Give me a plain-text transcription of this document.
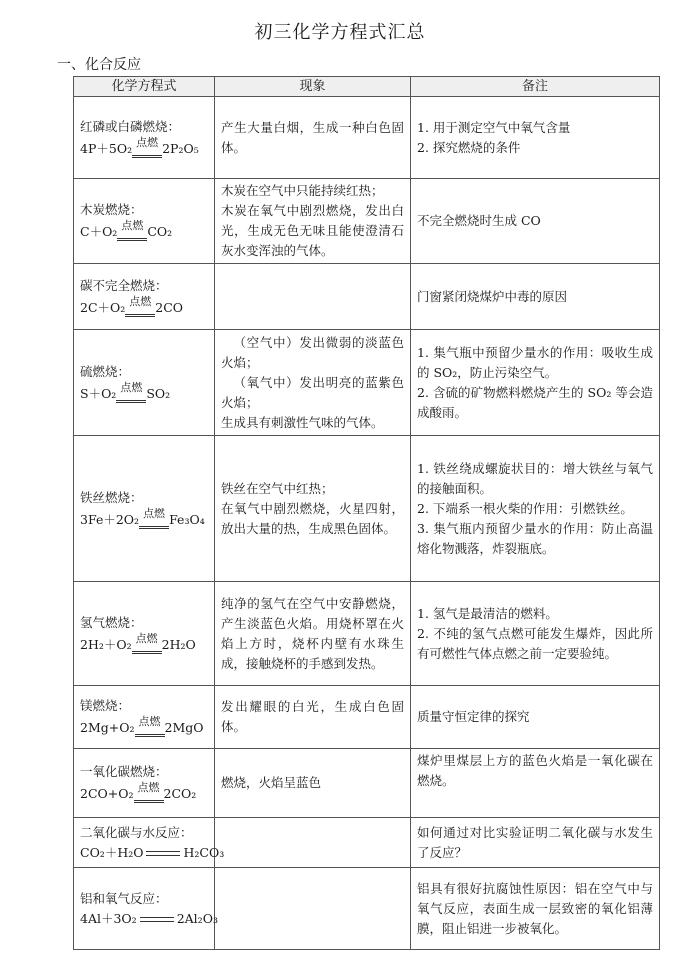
初三化学方程式汇总
一、化合反应
化学方程式	现象	备注

红磷或白磷燃烧：
4P＋5O₂ 点燃 2P₂O₅	产生大量白烟，生成一种白色固体。	1. 用于测定空气中氧气含量
2. 探究燃烧的条件

木炭燃烧：
C＋O₂ 点燃 CO₂	木炭在空气中只能持续红热；
木炭在氧气中剧烈燃烧，发出白光，生成无色无味且能使澄清石灰水变浑浊的气体。	不完全燃烧时生成 CO

碳不完全燃烧：
2C＋O₂ 点燃 2CO		门窗紧闭烧煤炉中毒的原因

硫燃烧：
S＋O₂ 点燃 SO₂	（空气中）发出微弱的淡蓝色火焰；
（氧气中）发出明亮的蓝紫色火焰；
生成具有刺激性气味的气体。	1. 集气瓶中预留少量水的作用：吸收生成的 SO₂，防止污染空气。
2. 含硫的矿物燃料燃烧产生的 SO₂ 等会造成酸雨。

铁丝燃烧：
3Fe＋2O₂ 点燃 Fe₃O₄	铁丝在空气中红热；
在氧气中剧烈燃烧，火星四射，放出大量的热，生成黑色固体。	1. 铁丝绕成螺旋状目的：增大铁丝与氧气的接触面积。
2. 下端系一根火柴的作用：引燃铁丝。
3. 集气瓶内预留少量水的作用：防止高温熔化物溅落，炸裂瓶底。

氢气燃烧：
2H₂＋O₂ 点燃 2H₂O	纯净的氢气在空气中安静燃烧，产生淡蓝色火焰。用烧杯罩在火焰上方时，烧杯内壁有水珠生成，接触烧杯的手感到发热。	1. 氢气是最清洁的燃料。
2. 不纯的氢气点燃可能发生爆炸，因此所有可燃性气体点燃之前一定要验纯。

镁燃烧：
2Mg+O₂ 点燃 2MgO	发出耀眼的白光，生成白色固体。	质量守恒定律的探究

一氧化碳燃烧：
2CO+O₂ 点燃 2CO₂	燃烧，火焰呈蓝色	煤炉里煤层上方的蓝色火焰是一氧化碳在燃烧。

二氧化碳与水反应：
CO₂＋H₂O H₂CO₃		如何通过对比实验证明二氧化碳与水发生了反应？

铝和氧气反应：
4Al＋3O₂ 2Al₂O₃		铝具有很好抗腐蚀性原因：铝在空气中与氧气反应，表面生成一层致密的氧化铝薄膜，阻止铝进一步被氧化。
